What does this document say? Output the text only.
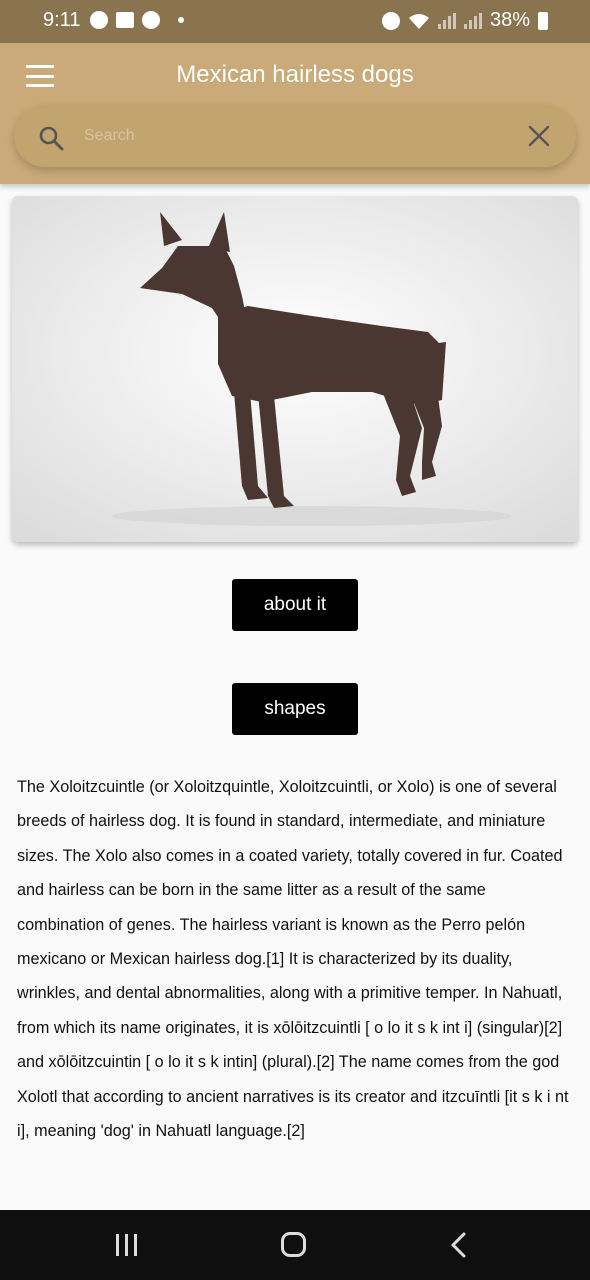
9:11	38%
Mexican hairless dogs
Search
about it
shapes

The Xoloitzcuintle (or Xoloitzquintle, Xoloitzcuintli, or Xolo) is one of several breeds of hairless dog. It is found in standard, intermediate, and miniature sizes. The Xolo also comes in a coated variety, totally covered in fur. Coated and hairless can be born in the same litter as a result of the same combination of genes. The hairless variant is known as the Perro pelón mexicano or Mexican hairless dog.[1] It is characterized by its duality, wrinkles, and dental abnormalities, along with a primitive temper. In Nahuatl, from which its name originates, it is xōlōitzcuintli [ o lo it s k int i] (singular)[2] and xōlōitzcuintin [ o lo it s k intin] (plural).[2] The name comes from the god Xolotl that according to ancient narratives is its creator and itzcuīntli [it s k i nt i], meaning 'dog' in Nahuatl language.[2]
